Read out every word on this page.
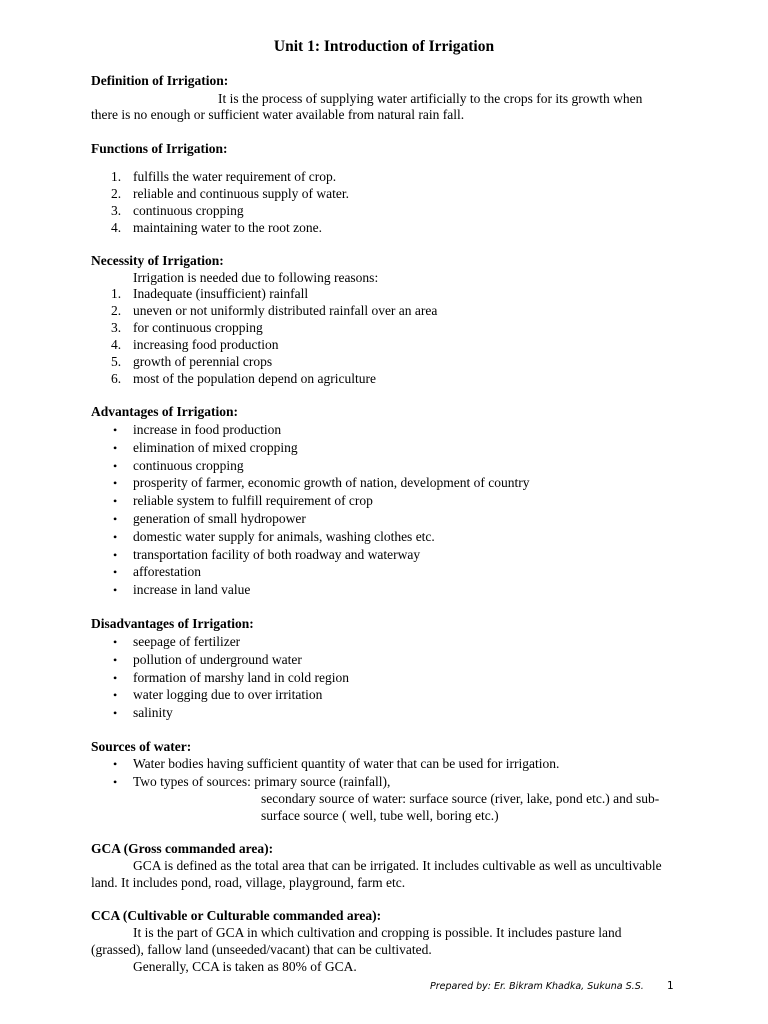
Unit 1: Introduction of Irrigation
Definition of Irrigation:
It is the process of supplying water artificially to the crops for its growth when
there is no enough or sufficient water available from natural rain fall.
Functions of Irrigation:
1. fulfills the water requirement of crop.
2. reliable and continuous supply of water.
3. continuous cropping
4. maintaining water to the root zone.
Necessity of Irrigation:
Irrigation is needed due to following reasons:
1. Inadequate (insufficient) rainfall
2. uneven or not uniformly distributed rainfall over an area
3. for continuous cropping
4. increasing food production
5. growth of perennial crops
6. most of the population depend on agriculture
Advantages of Irrigation:
• increase in food production
• elimination of mixed cropping
• continuous cropping
• prosperity of farmer, economic growth of nation, development of country
• reliable system to fulfill requirement of crop
• generation of small hydropower
• domestic water supply for animals, washing clothes etc.
• transportation facility of both roadway and waterway
• afforestation
• increase in land value
Disadvantages of Irrigation:
• seepage of fertilizer
• pollution of underground water
• formation of marshy land in cold region
• water logging due to over irritation
• salinity
Sources of water:
• Water bodies having sufficient quantity of water that can be used for irrigation.
• Two types of sources: primary source (rainfall),
secondary source of water: surface source (river, lake, pond etc.) and sub-
surface source ( well, tube well, boring etc.)
GCA (Gross commanded area):
GCA is defined as the total area that can be irrigated. It includes cultivable as well as uncultivable
land. It includes pond, road, village, playground, farm etc.
CCA (Cultivable or Culturable commanded area):
It is the part of GCA in which cultivation and cropping is possible. It includes pasture land
(grassed), fallow land (unseeded/vacant) that can be cultivated.
Generally, CCA is taken as 80% of GCA.
Prepared by: Er. Bikram Khadka, Sukuna S.S. 1
